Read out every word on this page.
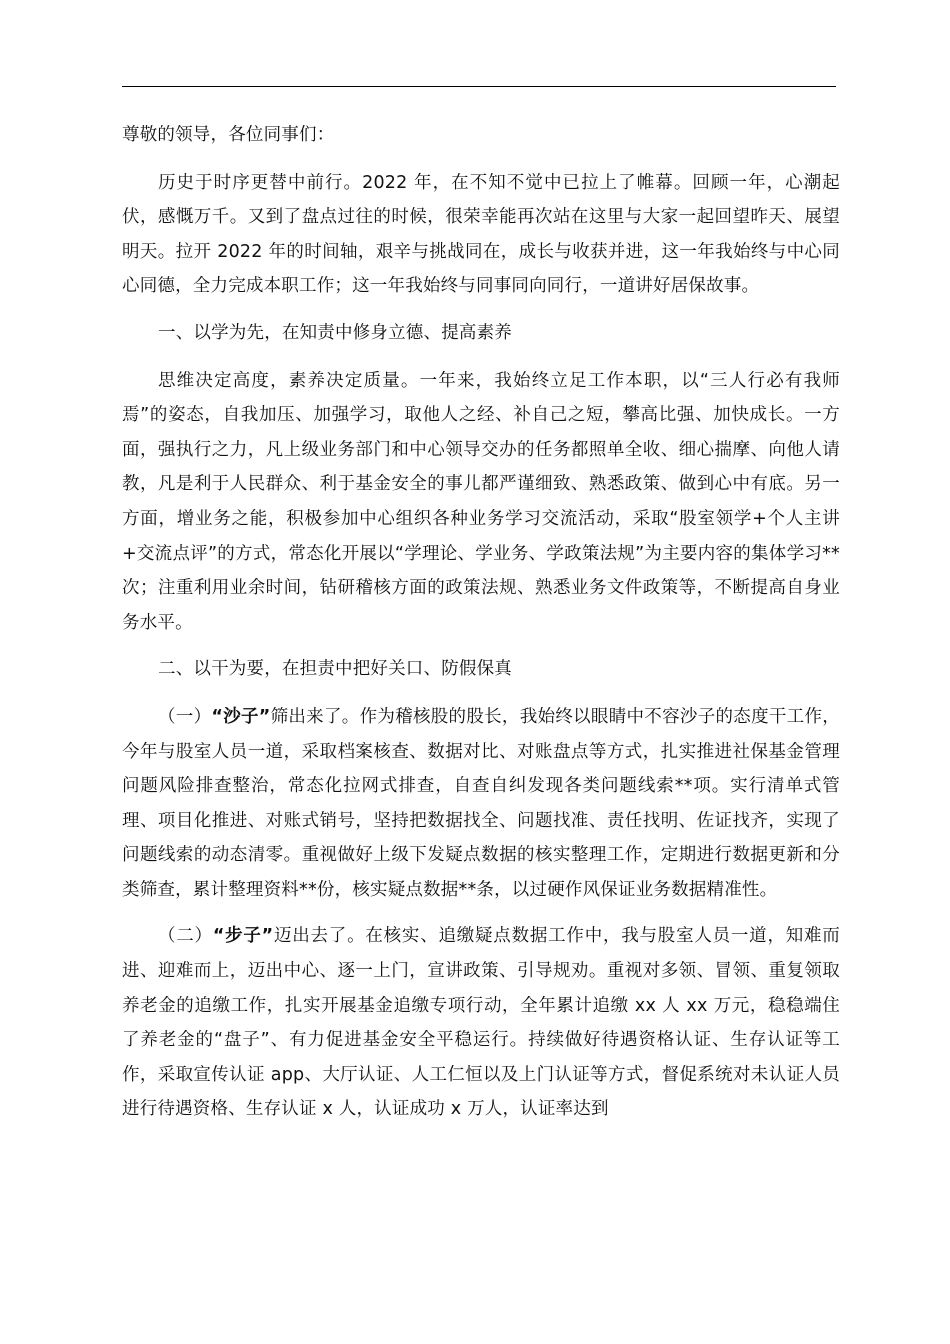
尊敬的领导，各位同事们：

历史于时序更替中前行。2022 年，在不知不觉中已拉上了帷幕。回顾一年，心潮起伏，感慨万千。又到了盘点过往的时候，很荣幸能再次站在这里与大家一起回望昨天、展望明天。拉开 2022 年的时间轴，艰辛与挑战同在，成长与收获并进，这一年我始终与中心同心同德，全力完成本职工作；这一年我始终与同事同向同行，一道讲好居保故事。

一、以学为先，在知责中修身立德、提高素养

思维决定高度，素养决定质量。一年来，我始终立足工作本职，以“三人行必有我师焉”的姿态，自我加压、加强学习，取他人之经、补自己之短，攀高比强、加快成长。一方面，强执行之力，凡上级业务部门和中心领导交办的任务都照单全收、细心揣摩、向他人请教，凡是利于人民群众、利于基金安全的事儿都严谨细致、熟悉政策、做到心中有底。另一方面，增业务之能，积极参加中心组织各种业务学习交流活动，采取“股室领学+个人主讲+交流点评”的方式，常态化开展以“学理论、学业务、学政策法规”为主要内容的集体学习**次；注重利用业余时间，钻研稽核方面的政策法规、熟悉业务文件政策等，不断提高自身业务水平。

二、以干为要，在担责中把好关口、防假保真

（一）“沙子”筛出来了。作为稽核股的股长，我始终以眼睛中不容沙子的态度干工作，今年与股室人员一道，采取档案核查、数据对比、对账盘点等方式，扎实推进社保基金管理问题风险排查整治，常态化拉网式排查，自查自纠发现各类问题线索**项。实行清单式管理、项目化推进、对账式销号，坚持把数据找全、问题找准、责任找明、佐证找齐，实现了问题线索的动态清零。重视做好上级下发疑点数据的核实整理工作，定期进行数据更新和分类筛查，累计整理资料**份，核实疑点数据**条，以过硬作风保证业务数据精准性。

（二）“步子”迈出去了。在核实、追缴疑点数据工作中，我与股室人员一道，知难而进、迎难而上，迈出中心、逐一上门，宣讲政策、引导规劝。重视对多领、冒领、重复领取养老金的追缴工作，扎实开展基金追缴专项行动，全年累计追缴 xx 人 xx 万元，稳稳端住了养老金的“盘子”、有力促进基金安全平稳运行。持续做好待遇资格认证、生存认证等工作，采取宣传认证 app、大厅认证、人工仁恒以及上门认证等方式，督促系统对未认证人员进行待遇资格、生存认证 x 人，认证成功 x 万人，认证率达到
